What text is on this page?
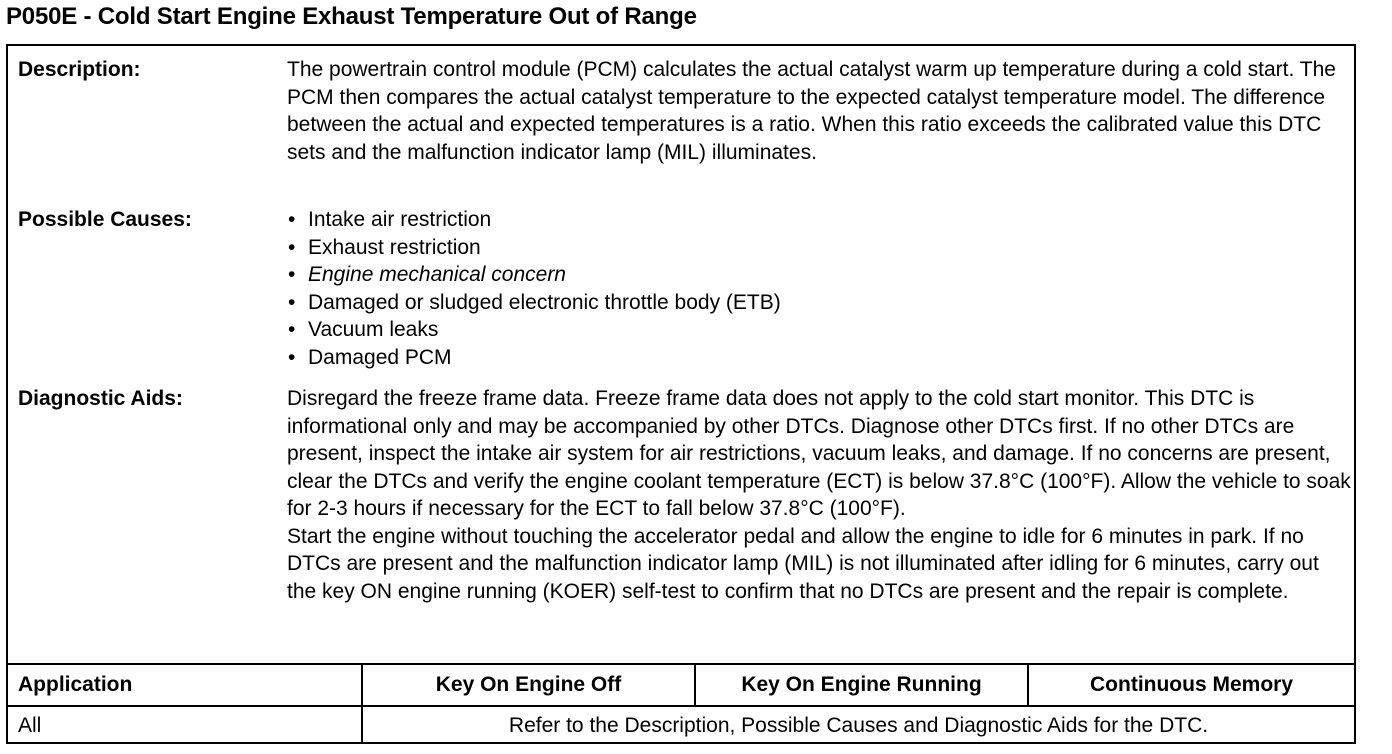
P050E - Cold Start Engine Exhaust Temperature Out of Range
Description:	The powertrain control module (PCM) calculates the actual catalyst warm up temperature during a cold start. The PCM then compares the actual catalyst temperature to the expected catalyst temperature model. The difference between the actual and expected temperatures is a ratio. When this ratio exceeds the calibrated value this DTC sets and the malfunction indicator lamp (MIL) illuminates.

Possible Causes:	• Intake air restriction
• Exhaust restriction
• Engine mechanical concern
• Damaged or sludged electronic throttle body (ETB)
• Vacuum leaks
• Damaged PCM
Diagnostic Aids:	Disregard the freeze frame data. Freeze frame data does not apply to the cold start monitor. This DTC is informational only and may be accompanied by other DTCs. Diagnose other DTCs first. If no other DTCs are present, inspect the intake air system for air restrictions, vacuum leaks, and damage. If no concerns are present, clear the DTCs and verify the engine coolant temperature (ECT) is below 37.8°C (100°F). Allow the vehicle to soak for 2-3 hours if necessary for the ECT to fall below 37.8°C (100°F).

Start the engine without touching the accelerator pedal and allow the engine to idle for 6 minutes in park. If no DTCs are present and the malfunction indicator lamp (MIL) is not illuminated after idling for 6 minutes, carry out the key ON engine running (KOER) self-test to confirm that no DTCs are present and the repair is complete.

Application	Key On Engine Off	Key On Engine Running	Continuous Memory
All	Refer to the Description, Possible Causes and Diagnostic Aids for the DTC.
